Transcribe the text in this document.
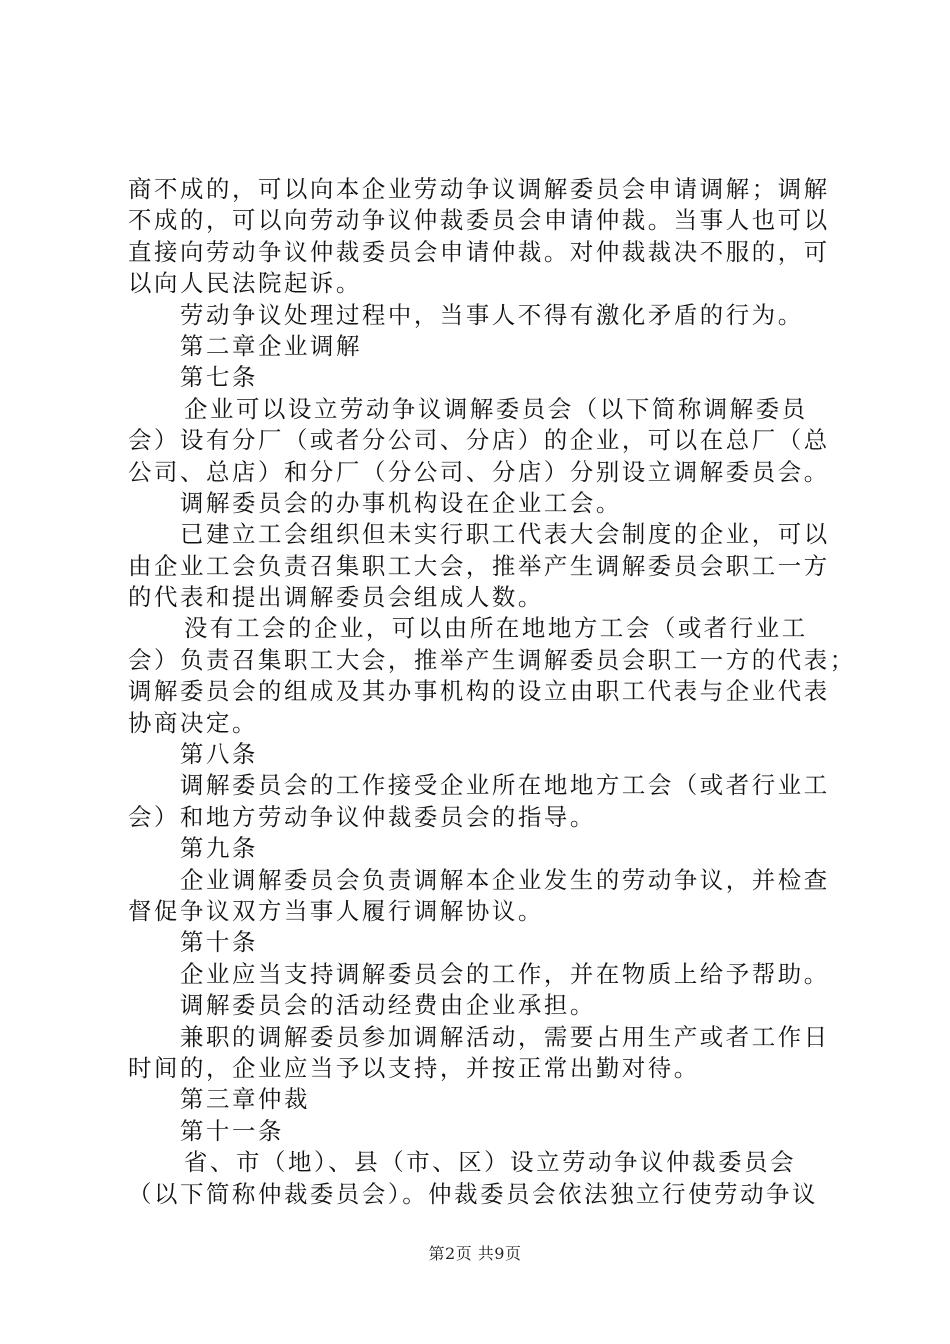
商不成的，可以向本企业劳动争议调解委员会申请调解；调解
不成的，可以向劳动争议仲裁委员会申请仲裁。当事人也可以
直接向劳动争议仲裁委员会申请仲裁。对仲裁裁决不服的，可
以向人民法院起诉。
劳动争议处理过程中，当事人不得有激化矛盾的行为。
第二章企业调解
第七条
企业可以设立劳动争议调解委员会（以下简称调解委员
会）设有分厂（或者分公司、分店）的企业，可以在总厂（总
公司、总店）和分厂（分公司、分店）分别设立调解委员会。
调解委员会的办事机构设在企业工会。
已建立工会组织但未实行职工代表大会制度的企业，可以
由企业工会负责召集职工大会，推举产生调解委员会职工一方
的代表和提出调解委员会组成人数。
没有工会的企业，可以由所在地地方工会（或者行业工
会）负责召集职工大会，推举产生调解委员会职工一方的代表；
调解委员会的组成及其办事机构的设立由职工代表与企业代表
协商决定。
第八条
调解委员会的工作接受企业所在地地方工会（或者行业工
会）和地方劳动争议仲裁委员会的指导。
第九条
企业调解委员会负责调解本企业发生的劳动争议，并检查
督促争议双方当事人履行调解协议。
第十条
企业应当支持调解委员会的工作，并在物质上给予帮助。
调解委员会的活动经费由企业承担。
兼职的调解委员参加调解活动，需要占用生产或者工作日
时间的，企业应当予以支持，并按正常出勤对待。
第三章仲裁
第十一条
省、市（地）、县（市、区）设立劳动争议仲裁委员会
（以下简称仲裁委员会）。仲裁委员会依法独立行使劳动争议
第2页 共9页
